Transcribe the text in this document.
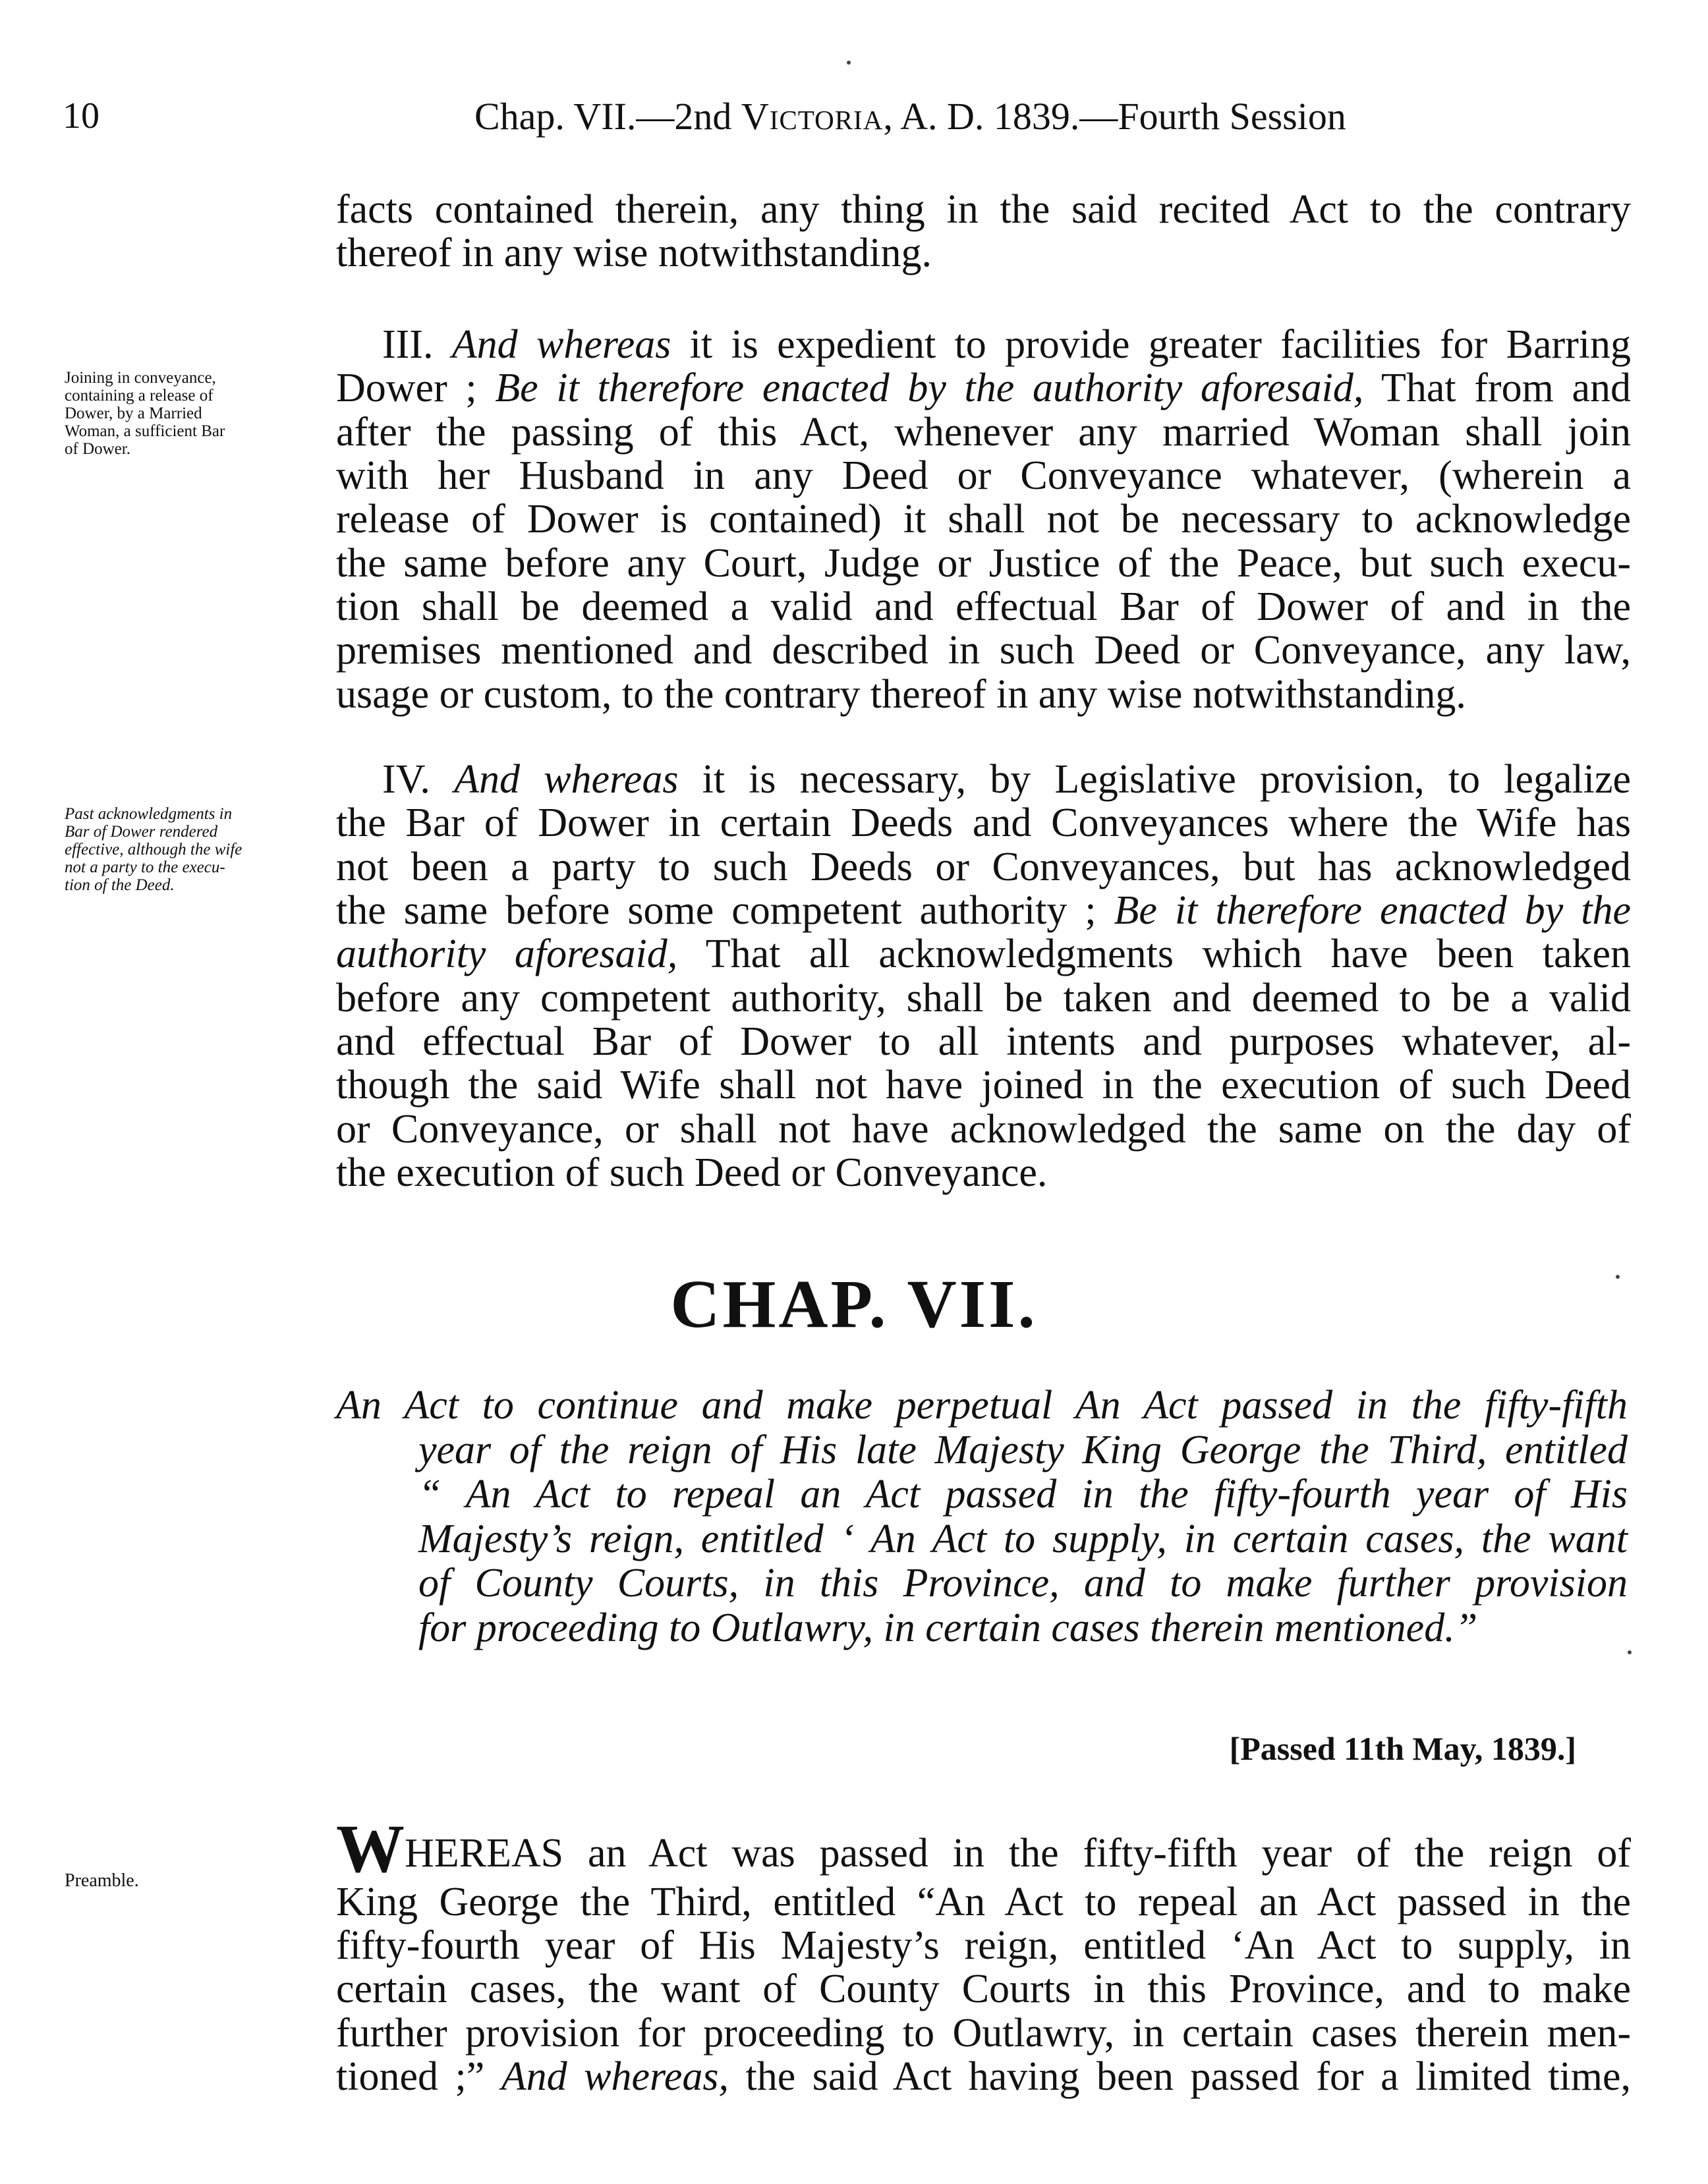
10	Chap. VII.—2nd Victoria, A. D. 1839.—Fourth Session
facts contained therein, any thing in the said recited Act to the contrary
thereof in any wise notwithstanding.
Joining in conveyance,
containing a release of
Dower, by a Married
Woman, a sufficient Bar
of Dower.
III. And whereas it is expedient to provide greater facilities for Barring
Dower ; Be it therefore enacted by the authority aforesaid, That from and
after the passing of this Act, whenever any married Woman shall join
with her Husband in any Deed or Conveyance whatever, (wherein a
release of Dower is contained) it shall not be necessary to acknowledge
the same before any Court, Judge or Justice of the Peace, but such execu-
tion shall be deemed a valid and effectual Bar of Dower of and in the
premises mentioned and described in such Deed or Conveyance, any law,
usage or custom, to the contrary thereof in any wise notwithstanding.
Past acknowledgments in
Bar of Dower rendered
effective, although the wife
not a party to the execu-
tion of the Deed.
IV. And whereas it is necessary, by Legislative provision, to legalize
the Bar of Dower in certain Deeds and Conveyances where the Wife has
not been a party to such Deeds or Conveyances, but has acknowledged
the same before some competent authority ; Be it therefore enacted by the
authority aforesaid, That all acknowledgments which have been taken
before any competent authority, shall be taken and deemed to be a valid
and effectual Bar of Dower to all intents and purposes whatever, al-
though the said Wife shall not have joined in the execution of such Deed
or Conveyance, or shall not have acknowledged the same on the day of
the execution of such Deed or Conveyance.
CHAP. VII.
An Act to continue and make perpetual An Act passed in the fifty-fifth
year of the reign of His late Majesty King George the Third, entitled
“ An Act to repeal an Act passed in the fifty-fourth year of His
Majesty’s reign, entitled ‘ An Act to supply, in certain cases, the want
of County Courts, in this Province, and to make further provision
for proceeding to Outlawry, in certain cases therein mentioned.”
[Passed 11th May, 1839.]
Preamble.	WHEREAS an Act was passed in the fifty-fifth year of the reign of
King George the Third, entitled “An Act to repeal an Act passed in the
fifty-fourth year of His Majesty’s reign, entitled ‘An Act to supply, in
certain cases, the want of County Courts in this Province, and to make
further provision for proceeding to Outlawry, in certain cases therein men-
tioned ;” And whereas, the said Act having been passed for a limited time,
